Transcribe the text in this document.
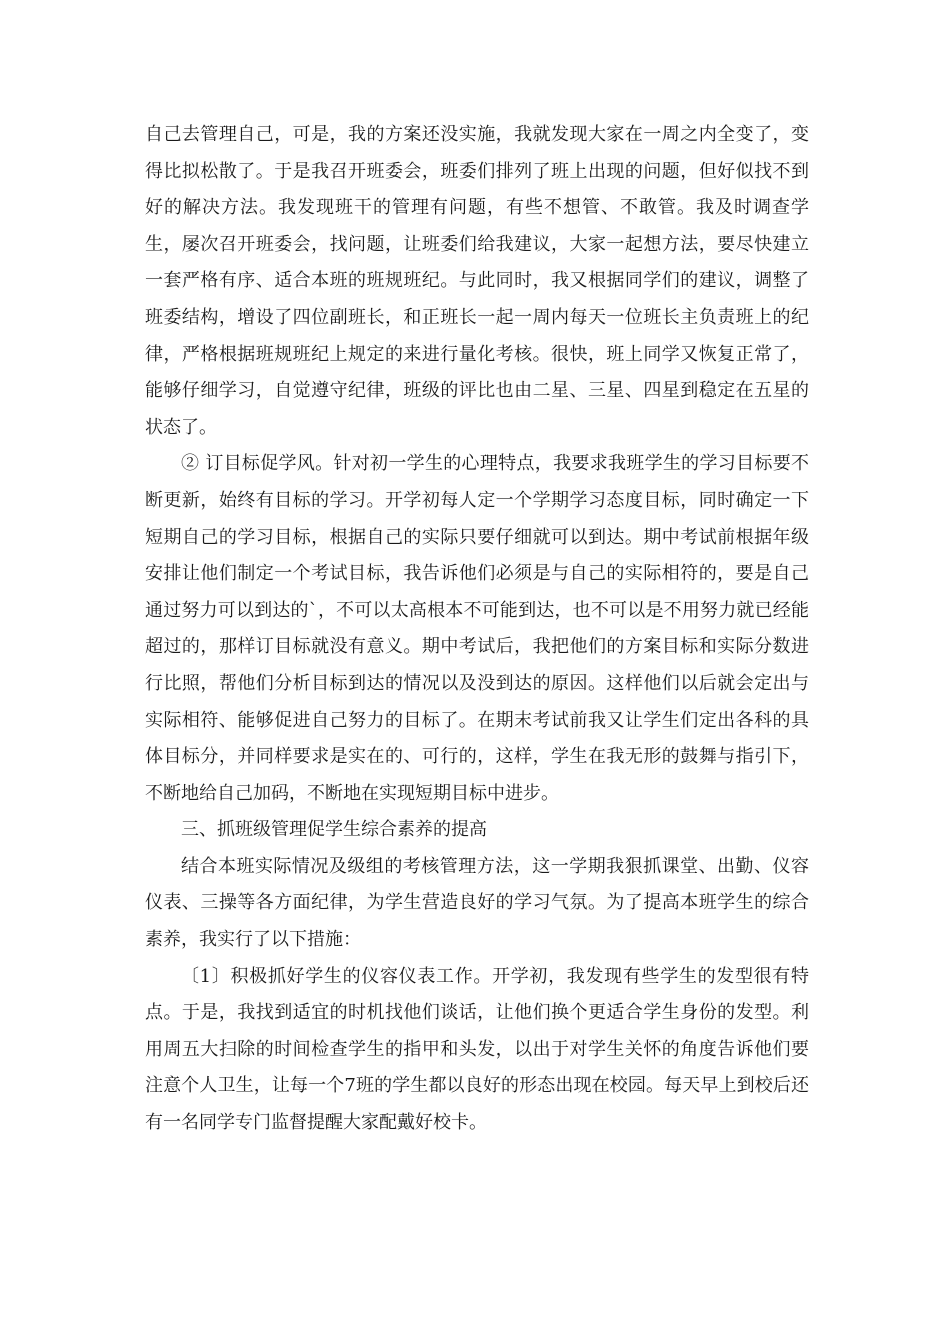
自己去管理自己，可是，我的方案还没实施，我就发现大家在一周之内全变了，变得比拟松散了。于是我召开班委会，班委们排列了班上出现的问题，但好似找不到好的解决方法。我发现班干的管理有问题，有些不想管、不敢管。我及时调查学生，屡次召开班委会，找问题，让班委们给我建议，大家一起想方法，要尽快建立一套严格有序、适合本班的班规班纪。与此同时，我又根据同学们的建议，调整了班委结构，增设了四位副班长，和正班长一起一周内每天一位班长主负责班上的纪律，严格根据班规班纪上规定的来进行量化考核。很快，班上同学又恢复正常了，能够仔细学习，自觉遵守纪律，班级的评比也由二星、三星、四星到稳定在五星的状态了。

② 订目标促学风。针对初一学生的心理特点，我要求我班学生的学习目标要不断更新，始终有目标的学习。开学初每人定一个学期学习态度目标，同时确定一下短期自己的学习目标，根据自己的实际只要仔细就可以到达。期中考试前根据年级安排让他们制定一个考试目标，我告诉他们必须是与自己的实际相符的，要是自己通过努力可以到达的`，不可以太高根本不可能到达，也不可以是不用努力就已经能超过的，那样订目标就没有意义。期中考试后，我把他们的方案目标和实际分数进行比照，帮他们分析目标到达的情况以及没到达的原因。这样他们以后就会定出与实际相符、能够促进自己努力的目标了。在期末考试前我又让学生们定出各科的具体目标分，并同样要求是实在的、可行的，这样，学生在我无形的鼓舞与指引下，不断地给自己加码，不断地在实现短期目标中进步。

三、抓班级管理促学生综合素养的提高

结合本班实际情况及级组的考核管理方法，这一学期我狠抓课堂、出勤、仪容仪表、三操等各方面纪律，为学生营造良好的学习气氛。为了提高本班学生的综合素养，我实行了以下措施：

〔1〕积极抓好学生的仪容仪表工作。开学初，我发现有些学生的发型很有特点。于是，我找到适宜的时机找他们谈话，让他们换个更适合学生身份的发型。利用周五大扫除的时间检查学生的指甲和头发，以出于对学生关怀的角度告诉他们要注意个人卫生，让每一个7班的学生都以良好的形态出现在校园。每天早上到校后还有一名同学专门监督提醒大家配戴好校卡。
